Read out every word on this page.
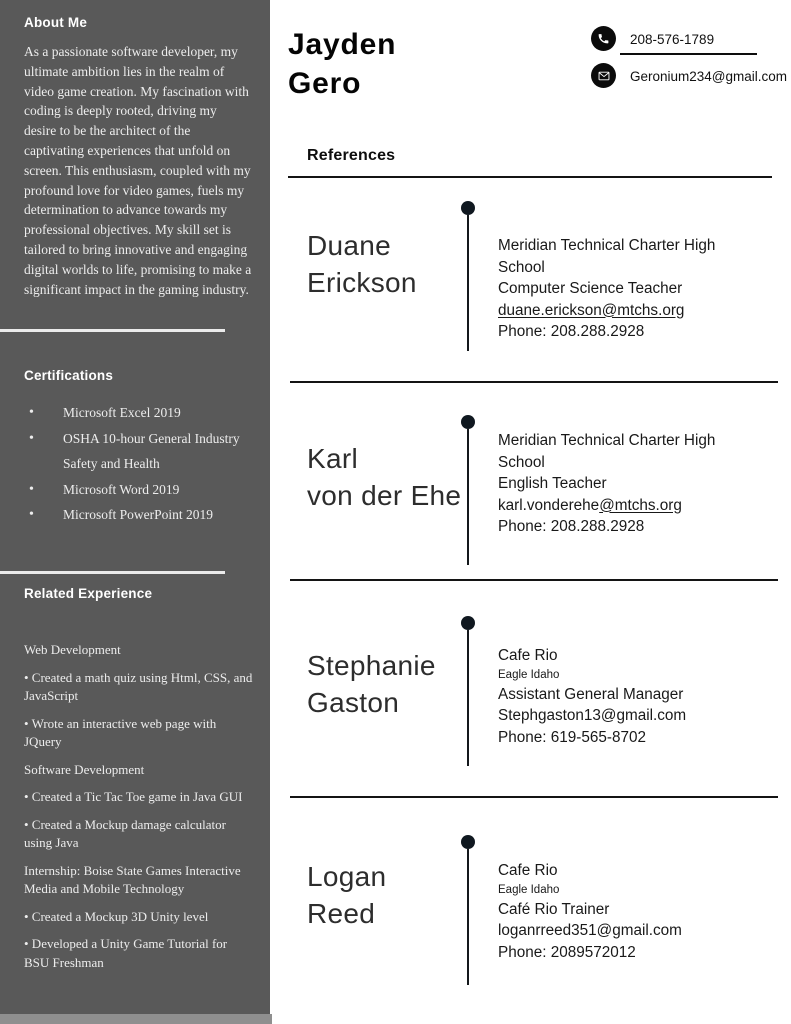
About Me
As a passionate software developer, my ultimate ambition lies in the realm of video game creation. My fascination with coding is deeply rooted, driving my desire to be the architect of the captivating experiences that unfold on screen. This enthusiasm, coupled with my profound love for video games, fuels my determination to advance towards my professional objectives. My skill set is tailored to bring innovative and engaging digital worlds to life, promising to make a significant impact in the gaming industry.
Certifications
• Microsoft Excel 2019
• OSHA 10-hour General Industry Safety and Health
• Microsoft Word 2019
• Microsoft PowerPoint 2019
Related Experience

Web Development

• Created a math quiz using Html, CSS, and JavaScript

• Wrote an interactive web page with JQuery

Software Development

• Created a Tic Tac Toe game in Java GUI

• Created a Mockup damage calculator using Java

Internship: Boise State Games Interactive Media and Mobile Technology

• Created a Mockup 3D Unity level

• Developed a Unity Game Tutorial for BSU Freshman

Jayden
Gero
208-576-1789
Geronium234@gmail.com
References
Duane
Erickson
Meridian Technical Charter High School
Computer Science Teacher
duane.erickson@mtchs.org
Phone: 208.288.2928
Karl
von der Ehe
Meridian Technical Charter High School
English Teacher
karl.vonderehe@mtchs.org
Phone: 208.288.2928
Stephanie
Gaston
Cafe Rio
Eagle Idaho
Assistant General Manager
Stephgaston13@gmail.com
Phone: 619-565-8702
Logan
Reed
Cafe Rio
Eagle Idaho
Café Rio Trainer
loganrreed351@gmail.com
Phone: 2089572012
